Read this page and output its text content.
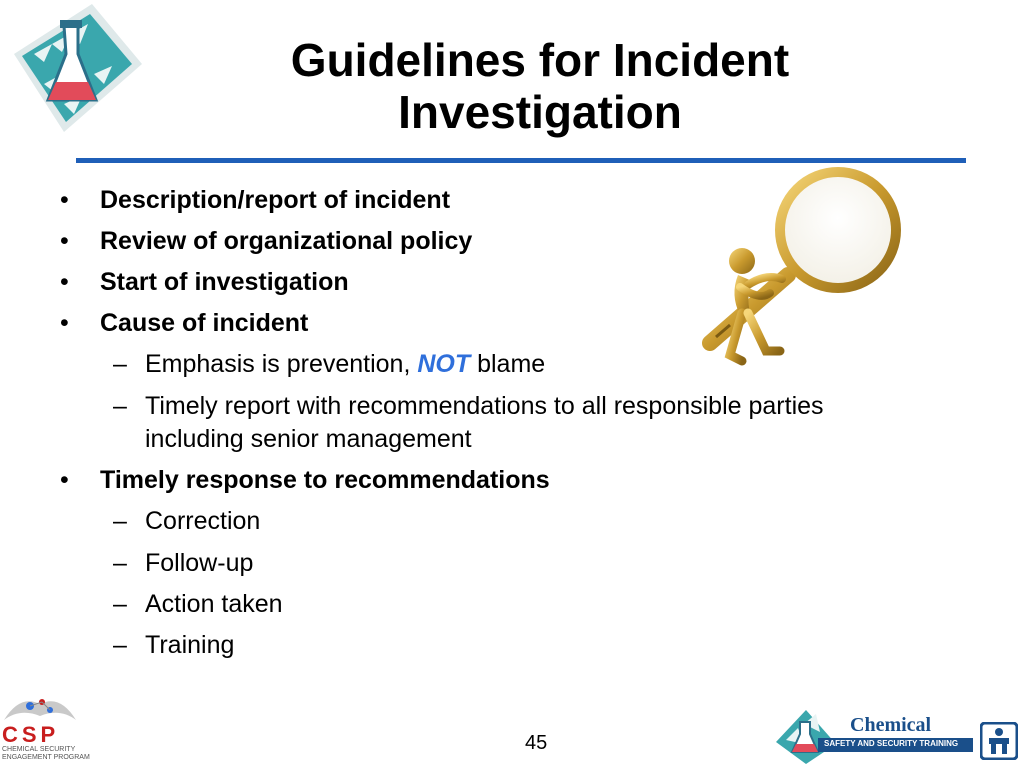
Guidelines for Incident
Investigation
• Description/report of incident
• Review of organizational policy
• Start of investigation
• Cause of incident
– Emphasis is prevention, NOT blame
– Timely report with recommendations to all responsible parties
including senior management
• Timely response to recommendations
– Correction
– Follow-up
– Action taken
– Training
CSP
CHEMICAL SECURITY
ENGAGEMENT PROGRAM
45
Chemical
SAFETY AND SECURITY TRAINING
